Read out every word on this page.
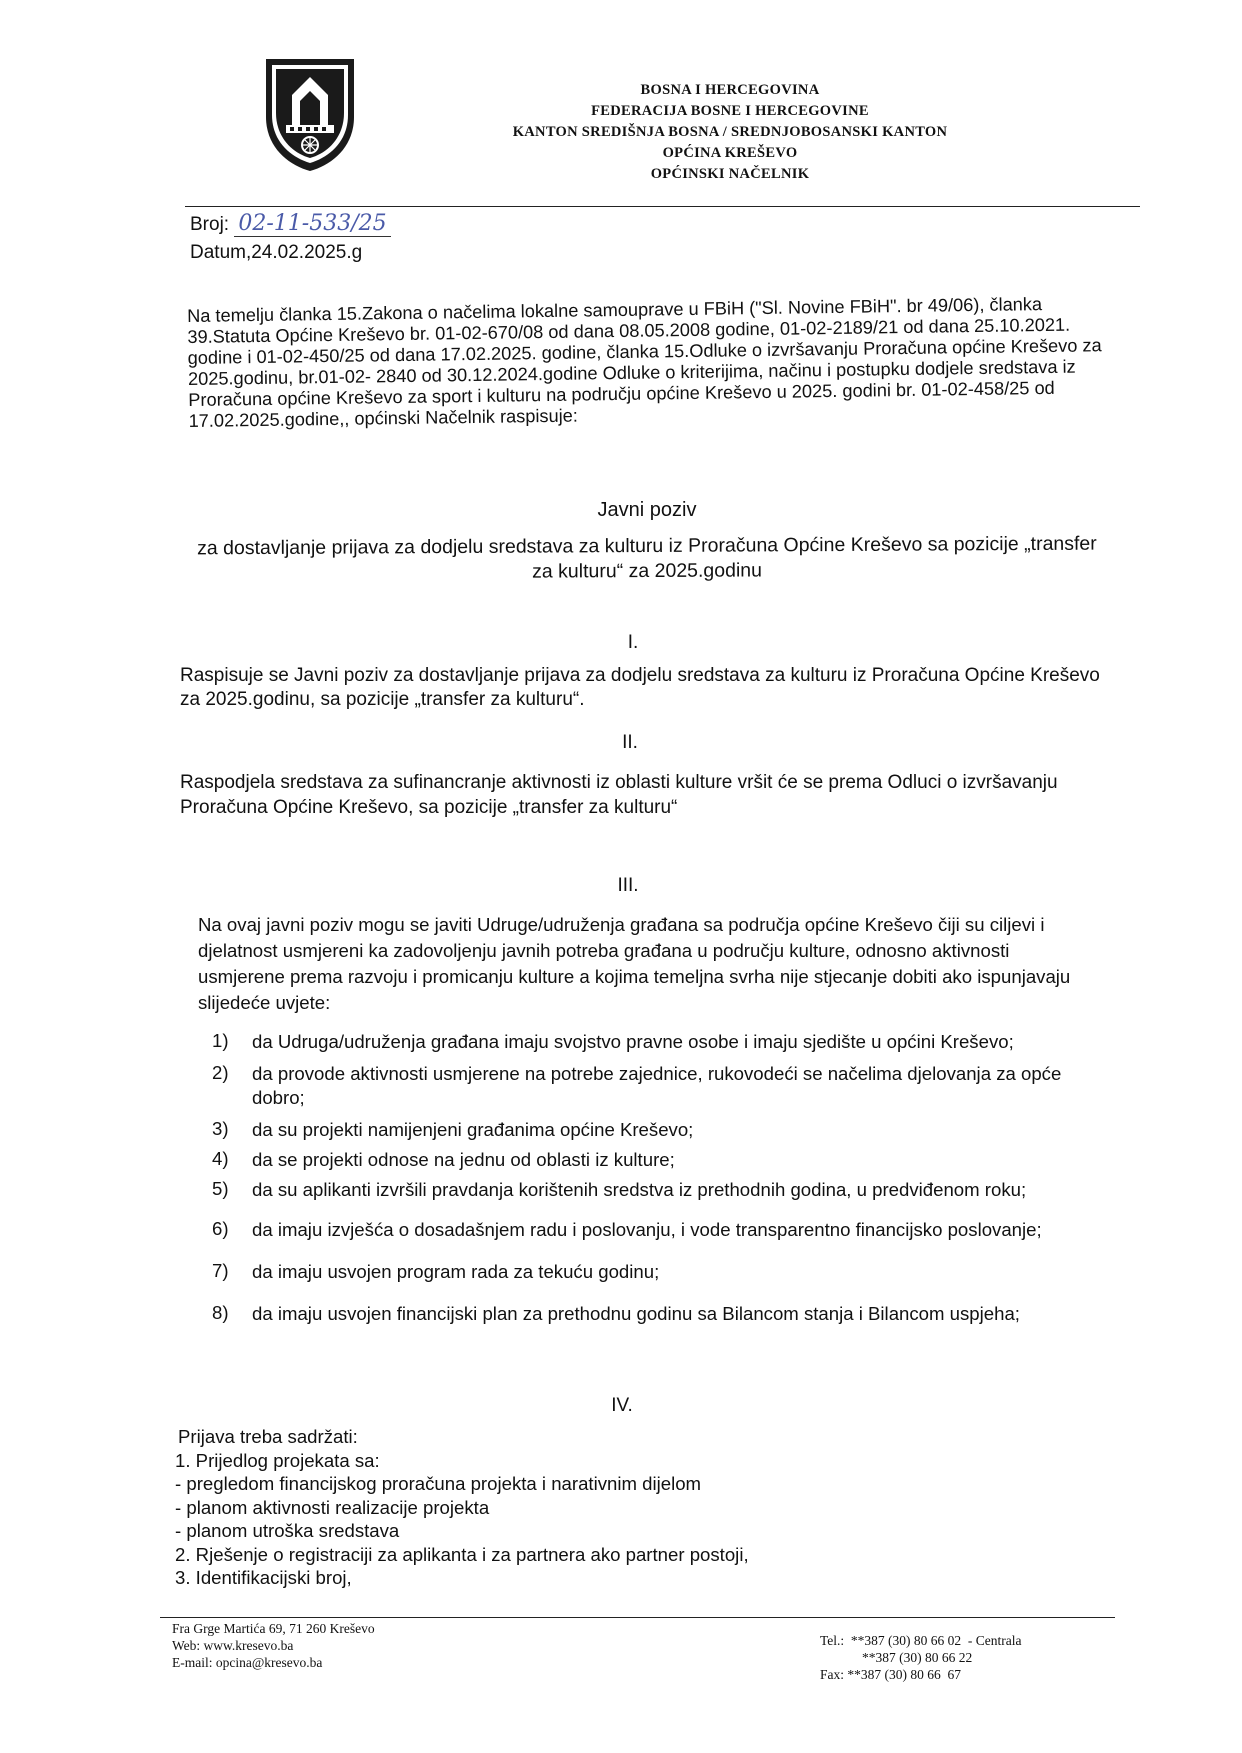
BOSNA I HERCEGOVINA
FEDERACIJA BOSNE I HERCEGOVINE
KANTON SREDIŠNJA BOSNA / SREDNJOBOSANSKI KANTON
OPĆINA KREŠEVO
OPĆINSKI NAČELNIK
Broj: 02-11-533/25
Datum,24.02.2025.g
Na temelju članka 15.Zakona o načelima lokalne samouprave u FBiH ("Sl. Novine FBiH". br 49/06), članka 39.Statuta Općine Kreševo br. 01-02-670/08 od dana 08.05.2008 godine, 01-02-2189/21 od dana 25.10.2021. godine i 01-02-450/25 od dana 17.02.2025. godine, članka 15.Odluke o izvršavanju Proračuna općine Kreševo za 2025.godinu, br.01-02- 2840 od 30.12.2024.godine Odluke o kriterijima, načinu i postupku dodjele sredstava iz Proračuna općine Kreševo za sport i kulturu na području općine Kreševo u 2025. godini br. 01-02-458/25 od 17.02.2025.godine,, općinski Načelnik raspisuje:
Javni poziv
za dostavljanje prijava za dodjelu sredstava za kulturu iz Proračuna Općine Kreševo sa pozicije „transfer za kulturu“ za 2025.godinu
I.
Raspisuje se Javni poziv za dostavljanje prijava za dodjelu sredstava za kulturu iz Proračuna Općine Kreševo za 2025.godinu, sa pozicije „transfer za kulturu“.
II.
Raspodjela sredstava za sufinancranje aktivnosti iz oblasti kulture vršit će se prema Odluci o izvršavanju Proračuna Općine Kreševo, sa pozicije „transfer za kulturu“
III.
Na ovaj javni poziv mogu se javiti Udruge/udruženja građana sa područja općine Kreševo čiji su ciljevi i djelatnost usmjereni ka zadovoljenju javnih potreba građana u području kulture, odnosno aktivnosti usmjerene prema razvoju i promicanju kulture a kojima temeljna svrha nije stjecanje dobiti ako ispunjavaju slijedeće uvjete:
1)	da Udruga/udruženja građana imaju svojstvo pravne osobe i imaju sjedište u općini Kreševo;
2)	da provode aktivnosti usmjerene na potrebe zajednice, rukovodeći se načelima djelovanja za opće dobro;
3)	da su projekti namijenjeni građanima općine Kreševo;
4)	da se projekti odnose na jednu od oblasti iz kulture;
5)	da su aplikanti izvršili pravdanja korištenih sredstva iz prethodnih godina, u predviđenom roku;
6)	da imaju izvješća o dosadašnjem radu i poslovanju, i vode transparentno financijsko poslovanje;
7)	da imaju usvojen program rada za tekuću godinu;
8)	da imaju usvojen financijski plan za prethodnu godinu sa Bilancom stanja i Bilancom uspjeha;
IV.
Prijava treba sadržati:
1. Prijedlog projekata sa:
- pregledom financijskog proračuna projekta i narativnim dijelom
- planom aktivnosti realizacije projekta
- planom utroška sredstava
2. Rješenje o registraciji za aplikanta i za partnera ako partner postoji,
3. Identifikacijski broj,
Fra Grge Martića 69, 71 260 Kreševo
Web: www.kresevo.ba
E-mail: opcina@kresevo.ba
Tel.:  **387 (30) 80 66 02  - Centrala
**387 (30) 80 66 22
Fax: **387 (30) 80 66  67
